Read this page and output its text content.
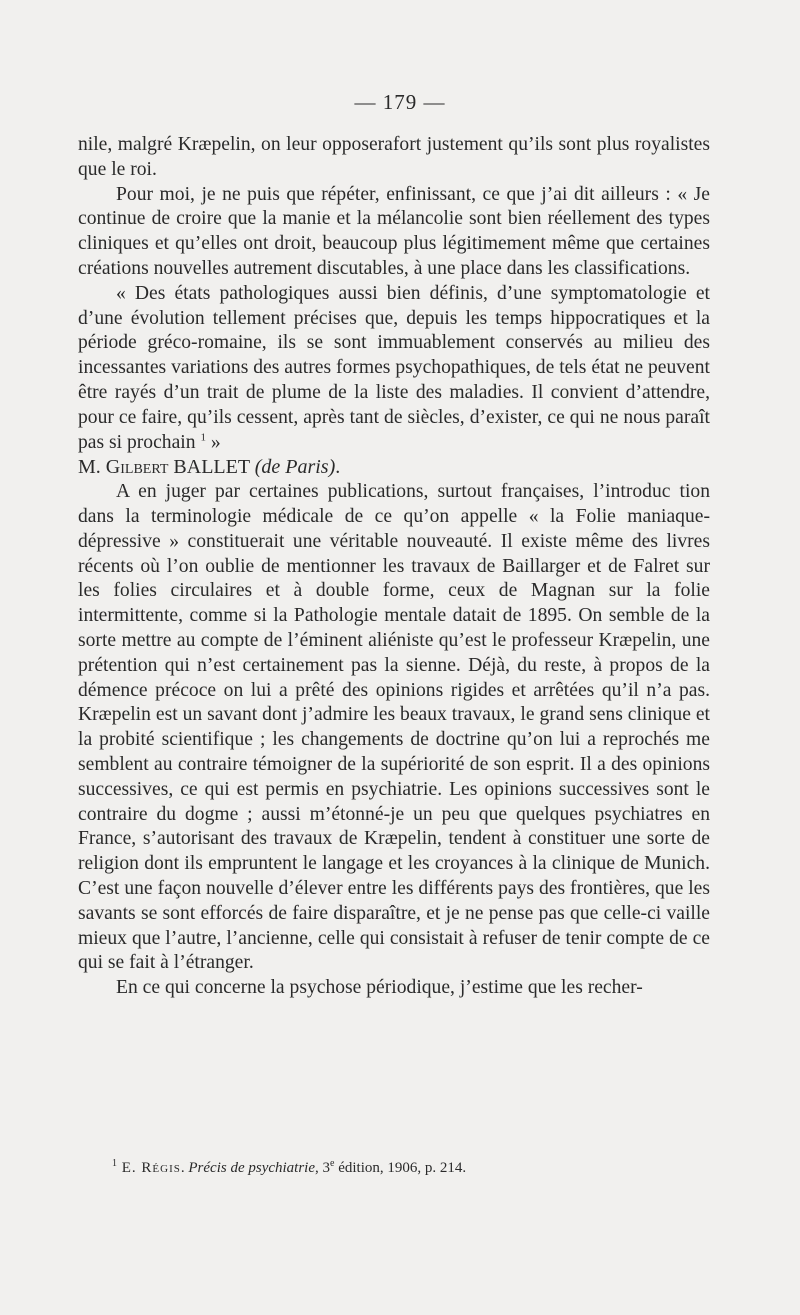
— 179 —

nile, malgré Kræpelin, on leur opposerafort justement qu’ils sont plus royalistes que le roi.

Pour moi, je ne puis que répéter, enfinissant, ce que j’ai dit ailleurs : « Je continue de croire que la manie et la mélancolie sont bien réellement des types cliniques et qu’elles ont droit, beaucoup plus légitimement même que certaines créations nouvelles autrement discutables, à une place dans les classifications.

« Des états pathologiques aussi bien définis, d’une symptomatologie et d’une évolution tellement précises que, depuis les temps hippocratiques et la période gréco-romaine, ils se sont immuablement conservés au milieu des incessantes variations des autres formes psychopathiques, de tels état ne peuvent être rayés d’un trait de plume de la liste des maladies. Il convient d’attendre, pour ce faire, qu’ils cessent, après tant de siècles, d’exister, ce qui ne nous paraît pas si prochain $^1$ »

M. Gilbert BALLET (de Paris).

A en juger par certaines publications, surtout françaises, l’introduc tion dans la terminologie médicale de ce qu’on appelle « la Folie maniaque-dépressive » constituerait une véritable nouveauté. Il existe même des livres récents où l’on oublie de mentionner les travaux de Baillarger et de Falret sur les folies circulaires et à double forme, ceux de Magnan sur la folie intermittente, comme si la Pathologie mentale datait de 1895. On semble de la sorte mettre au compte de l’éminent aliéniste qu’est le professeur Kræpelin, une prétention qui n’est certainement pas la sienne. Déjà, du reste, à propos de la démence précoce on lui a prêté des opinions rigides et arrêtées qu’il n’a pas. Kræpelin est un savant dont j’admire les beaux travaux, le grand sens clinique et la probité scientifique ; les changements de doctrine qu’on lui a reprochés me semblent au contraire témoigner de la supériorité de son esprit. Il a des opinions successives, ce qui est permis en psychiatrie. Les opinions successives sont le contraire du dogme ; aussi m’étonné-je un peu que quelques psychiatres en France, s’autorisant des travaux de Kræpelin, tendent à constituer une sorte de religion dont ils empruntent le langage et les croyances à la clinique de Munich. C’est une façon nouvelle d’élever entre les différents pays des frontières, que les savants se sont efforcés de faire disparaître, et je ne pense pas que celle-ci vaille mieux que l’autre, l’ancienne, celle qui consistait à refuser de tenir compte de ce qui se fait à l’étranger.

En ce qui concerne la psychose périodique, j’estime que les recher-

$^1$ E. Régis. Précis de psychiatrie, 3e édition, 1906, p. 214.
